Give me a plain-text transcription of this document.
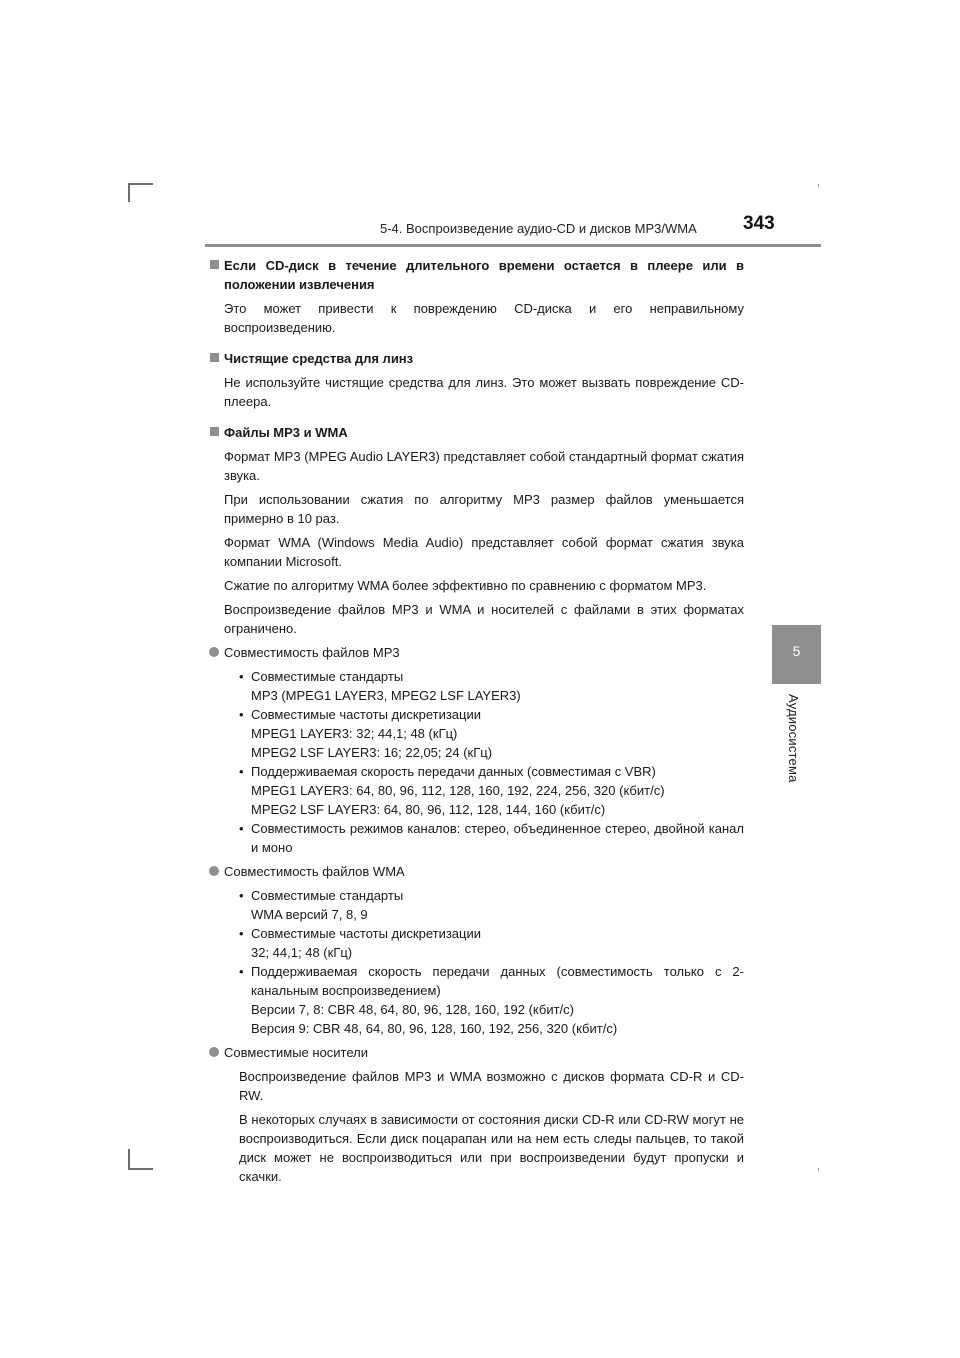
5-4. Воспроизведение аудио-CD и дисков MP3/WMA 343
5
Аудиосистема
Если CD-диск в течение длительного времени остается в плеере или в положении извлечения
Это может привести к повреждению CD-диска и его неправильному воспроизведению.
Чистящие средства для линз
Не используйте чистящие средства для линз. Это может вызвать повреждение CD-плеера.
Файлы MP3 и WMA
Формат MP3 (MPEG Audio LAYER3) представляет собой стандартный формат сжатия звука.
При использовании сжатия по алгоритму MP3 размер файлов уменьшается примерно в 10 раз.
Формат WMA (Windows Media Audio) представляет собой формат сжатия звука компании Microsoft.
Сжатие по алгоритму WMA более эффективно по сравнению с форматом MP3.
Воспроизведение файлов MP3 и WMA и носителей с файлами в этих форматах ограничено.
Совместимость файлов MP3
• Совместимые стандарты
MP3 (MPEG1 LAYER3, MPEG2 LSF LAYER3)
• Совместимые частоты дискретизации
MPEG1 LAYER3: 32; 44,1; 48 (кГц)
MPEG2 LSF LAYER3: 16; 22,05; 24 (кГц)
• Поддерживаемая скорость передачи данных (совместимая с VBR)
MPEG1 LAYER3: 64, 80, 96, 112, 128, 160, 192, 224, 256, 320 (кбит/с)
MPEG2 LSF LAYER3: 64, 80, 96, 112, 128, 144, 160 (кбит/с)
• Совместимость режимов каналов: стерео, объединенное стерео, двойной канал и моно
Совместимость файлов WMA
• Совместимые стандарты
WMA версий 7, 8, 9
• Совместимые частоты дискретизации
32; 44,1; 48 (кГц)
• Поддерживаемая скорость передачи данных (совместимость только с 2-канальным воспроизведением)
Версии 7, 8: CBR 48, 64, 80, 96, 128, 160, 192 (кбит/с)
Версия 9: CBR 48, 64, 80, 96, 128, 160, 192, 256, 320 (кбит/с)
Совместимые носители
Воспроизведение файлов MP3 и WMA возможно с дисков формата CD-R и CD-RW.
В некоторых случаях в зависимости от состояния диски CD-R или CD-RW могут не воспроизводиться. Если диск поцарапан или на нем есть следы пальцев, то такой диск может не воспроизводиться или при воспроизведении будут пропуски и скачки.
